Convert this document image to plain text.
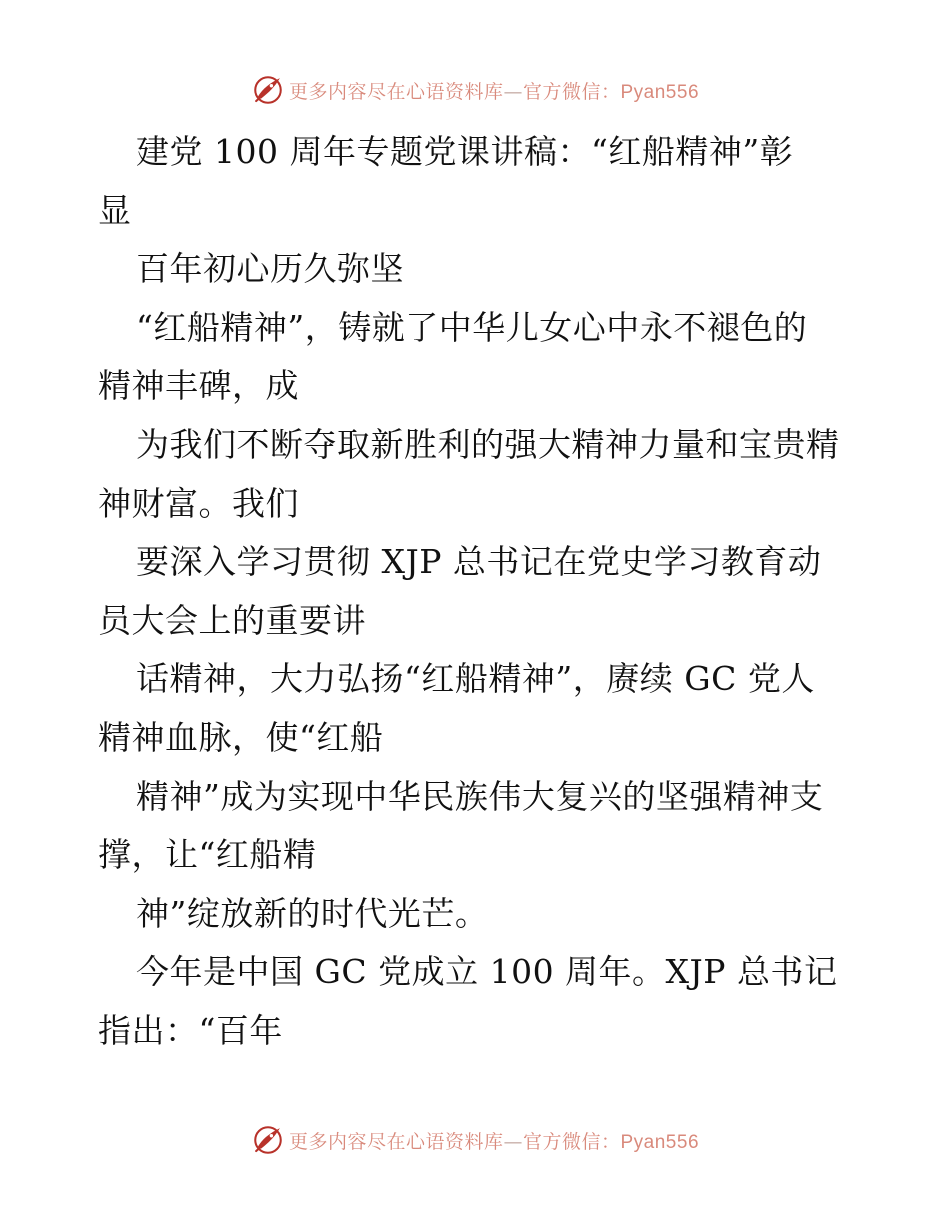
更多内容尽在心语资料库—官方微信：Pyan556
建党 100 周年专题党课讲稿：“红船精神”彰
显
百年初心历久弥坚
“红船精神”，铸就了中华儿女心中永不褪色的
精神丰碑，成
为我们不断夺取新胜利的强大精神力量和宝贵精
神财富。我们
要深入学习贯彻 XJP 总书记在党史学习教育动
员大会上的重要讲
话精神，大力弘扬“红船精神”，赓续 GC 党人
精神血脉，使“红船
精神”成为实现中华民族伟大复兴的坚强精神支
撑，让“红船精
神”绽放新的时代光芒。
今年是中国 GC 党成立 100 周年。XJP 总书记
指出：“百年
更多内容尽在心语资料库—官方微信：Pyan556
